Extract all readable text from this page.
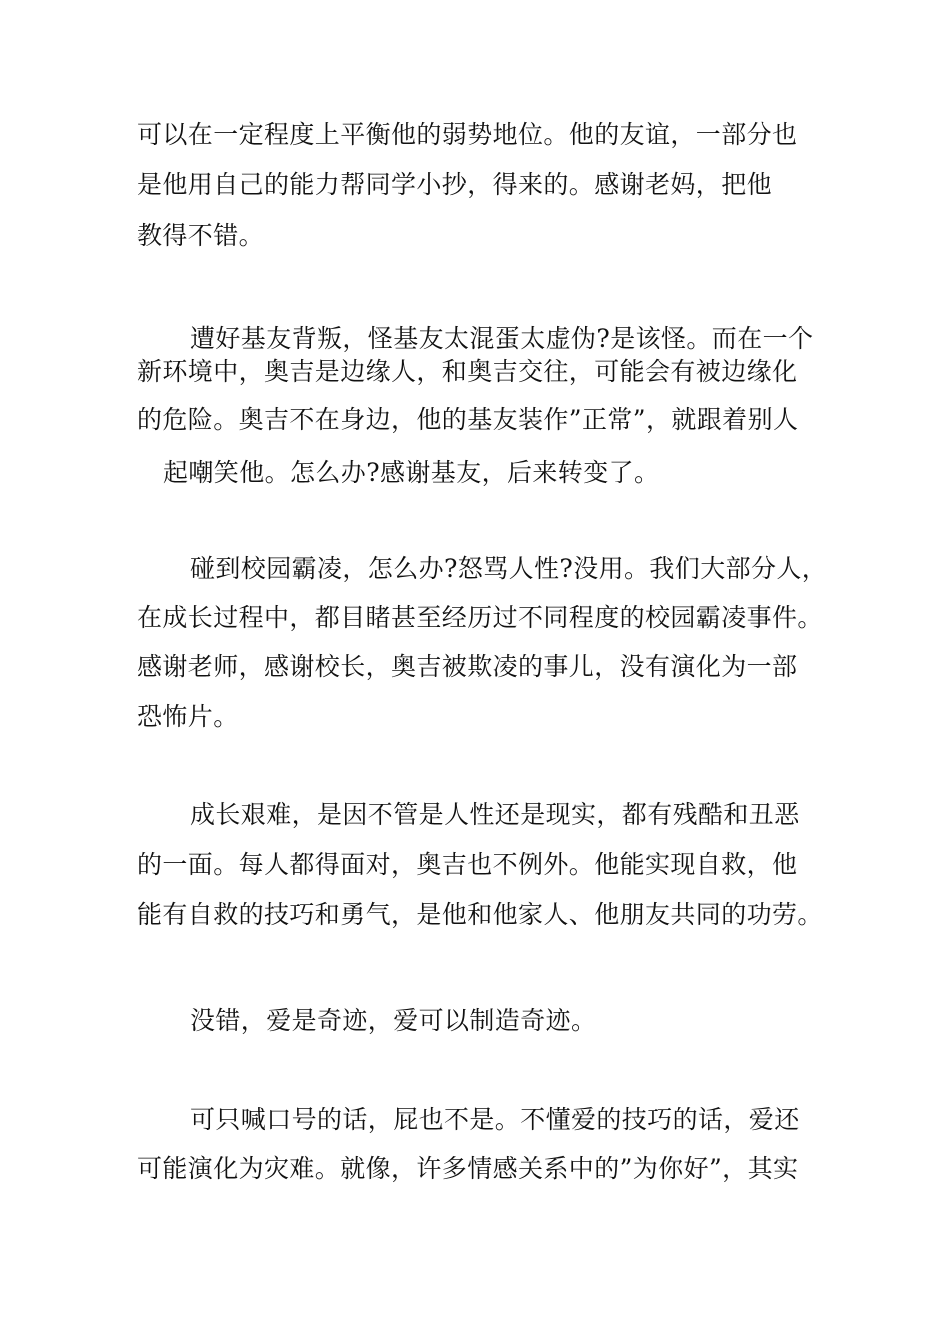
可以在一定程度上平衡他的弱势地位。他的友谊，一部分也

是他用自己的能力帮同学小抄，得来的。感谢老妈，把他

教得不错。

遭好基友背叛，怪基友太混蛋太虚伪?是该怪。而在一个

新环境中，奥吉是边缘人，和奥吉交往，可能会有被边缘化

的危险。奥吉不在身边，他的基友装作”正常”，就跟着别人

起嘲笑他。怎么办?感谢基友，后来转变了。

碰到校园霸凌，怎么办?怒骂人性?没用。我们大部分人，

在成长过程中，都目睹甚至经历过不同程度的校园霸凌事件。

感谢老师，感谢校长，奥吉被欺凌的事儿，没有演化为一部

恐怖片。

成长艰难，是因不管是人性还是现实，都有残酷和丑恶

的一面。每人都得面对，奥吉也不例外。他能实现自救，他

能有自救的技巧和勇气，是他和他家人、他朋友共同的功劳。

没错，爱是奇迹，爱可以制造奇迹。

可只喊口号的话，屁也不是。不懂爱的技巧的话，爱还

可能演化为灾难。就像，许多情感关系中的”为你好”，其实
